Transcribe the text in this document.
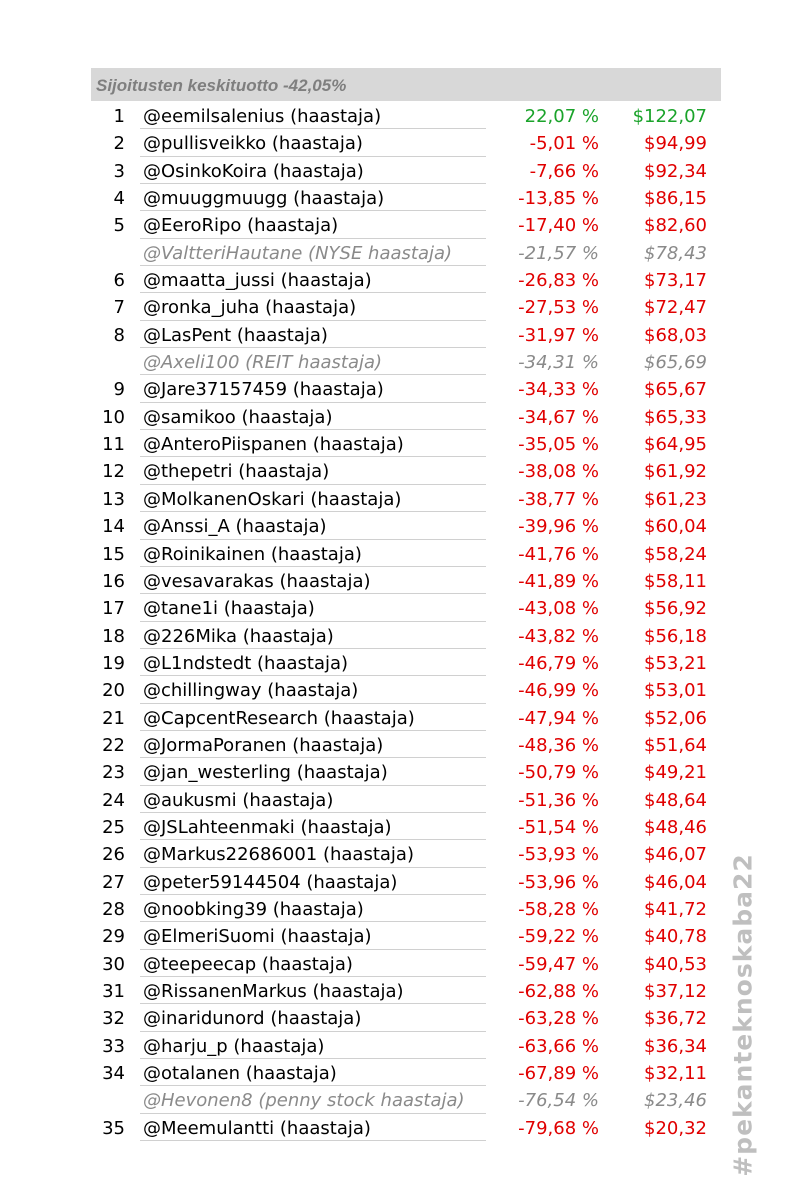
Sijoitusten keskituotto -42,05%
1 @eemilsalenius (haastaja)	22,07 % $122,07
2 @pullisveikko (haastaja)	-5,01 %	$94,99
3 @OsinkoKoira (haastaja)	-7,66 %	$92,34
4 @muuggmuugg (haastaja)	-13,85 %	$86,15
5 @EeroRipo (haastaja)	-17,40 %	$82,60
@ValtteriHautane (NYSE haastaja)	-21,57 %	$78,43
6 @maatta_jussi (haastaja)	-26,83 %	$73,17
7 @ronka_juha (haastaja)	-27,53 %	$72,47
8 @LasPent (haastaja)	-31,97 %	$68,03
@Axeli100 (REIT haastaja)	-34,31 %	$65,69
9 @Jare37157459 (haastaja)	-34,33 %	$65,67
10 @samikoo (haastaja)	-34,67 %	$65,33
11 @AnteroPiispanen (haastaja)	-35,05 %	$64,95
12 @thepetri (haastaja)	-38,08 %	$61,92
13 @MolkanenOskari (haastaja)	-38,77 %	$61,23
14 @Anssi_A (haastaja)	-39,96 %	$60,04
15 @Roinikainen (haastaja)	-41,76 %	$58,24
16 @vesavarakas (haastaja)	-41,89 %	$58,11
17 @tane1i (haastaja)	-43,08 %	$56,92
18 @226Mika (haastaja)	-43,82 %	$56,18
19 @L1ndstedt (haastaja)	-46,79 %	$53,21
20 @chillingway (haastaja)	-46,99 %	$53,01
21 @CapcentResearch (haastaja)	-47,94 %	$52,06
22 @JormaPoranen (haastaja)	-48,36 %	$51,64
23 @jan_westerling (haastaja)	-50,79 %	$49,21
24 @aukusmi (haastaja)	-51,36 %	$48,64
25 @JSLahteenmaki (haastaja)	-51,54 %	$48,46
26 @Markus22686001 (haastaja)	-53,93 %	$46,07
27 @peter59144504 (haastaja)	-53,96 %	$46,04
28 @noobking39 (haastaja)	-58,28 %	$41,72
29 @ElmeriSuomi (haastaja)	-59,22 %	$40,78
30 @teepeecap (haastaja)	-59,47 %	$40,53
31 @RissanenMarkus (haastaja)	-62,88 %	$37,12
32 @inaridunord (haastaja)	-63,28 %	$36,72
33 @harju_p (haastaja)	-63,66 %	$36,34
34 @otalanen (haastaja)	-67,89 %	$32,11
@Hevonen8 (penny stock haastaja)	-76,54 %	$23,46
35 @Meemulantti (haastaja)	-79,68 %	$20,32 #pekanteknoskaba22
